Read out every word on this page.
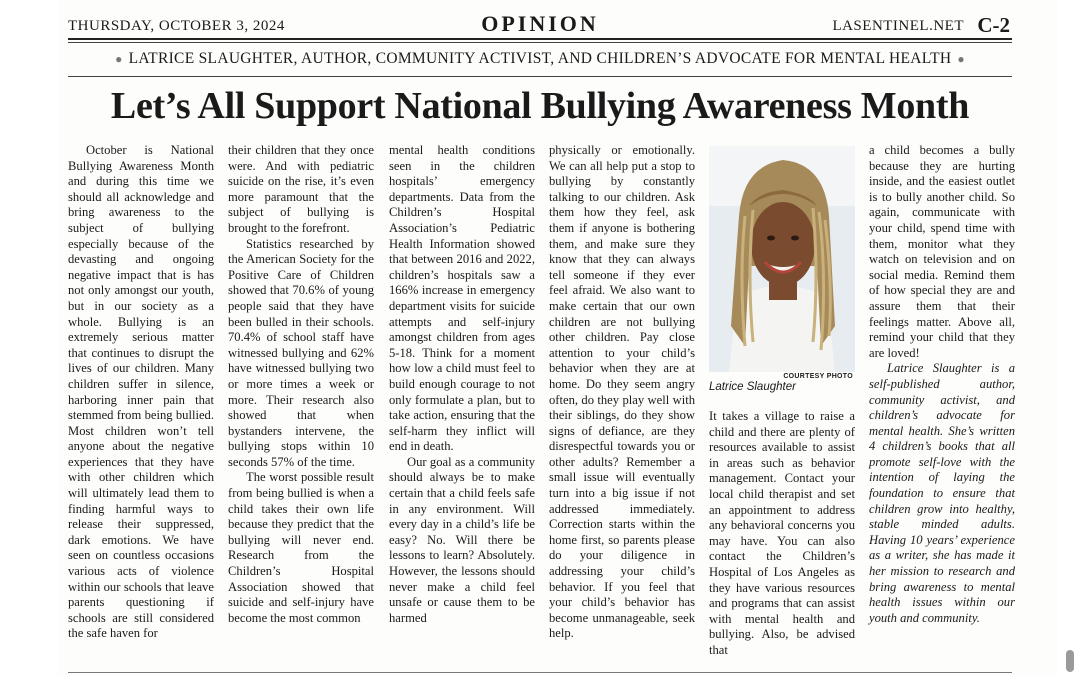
THURSDAY, OCTOBER 3, 2024	OPINION	LASENTINEL.NET C-2
● LATRICE SLAUGHTER, AUTHOR, COMMUNITY ACTIVIST, AND CHILDREN’S ADVOCATE FOR MENTAL HEALTH ●
Let’s All Support National Bullying Awareness Month

October is National Bullying Awareness Month and during this time we should all acknowledge and bring awareness to the subject of bullying especially because of the devasting and ongoing negative impact that is has not only amongst our youth, but in our society as a whole. Bullying is an extremely serious matter that continues to disrupt the lives of our children. Many children suffer in silence, harboring inner pain that stemmed from being bullied. Most children won’t tell anyone about the negative experiences that they have with other children which will ultimately lead them to finding harmful ways to release their suppressed, dark emotions. We have seen on countless occasions various acts of violence within our schools that leave parents questioning if schools are still considered the safe haven for

their children that they once were. And with pediatric suicide on the rise, it’s even more paramount that the subject of bullying is brought to the forefront.

Statistics researched by the American Society for the Positive Care of Children showed that 70.6% of young people said that they have been bulled in their schools. 70.4% of school staff have witnessed bullying and 62% have witnessed bullying two or more times a week or more. Their research also showed that when bystanders intervene, the bullying stops within 10 seconds 57% of the time.

The worst possible result from being bullied is when a child takes their own life because they predict that the bullying will never end. Research from the Children’s Hospital Association showed that suicide and self-injury have become the most common

mental health conditions seen in the children hospitals’ emergency departments. Data from the Children’s Hospital Association’s Pediatric Health Information showed that between 2016 and 2022, children’s hospitals saw a 166% increase in emergency department visits for suicide attempts and self-injury amongst children from ages 5-18. Think for a moment how low a child must feel to build enough courage to not only formulate a plan, but to take action, ensuring that the self-harm they inflict will end in death.

Our goal as a community should always be to make certain that a child feels safe in any environment. Will every day in a child’s life be easy? No. Will there be lessons to learn? Absolutely. However, the lessons should never make a child feel unsafe or cause them to be harmed

physically or emotionally. We can all help put a stop to bullying by constantly talking to our children. Ask them how they feel, ask them if anyone is bothering them, and make sure they know that they can always tell someone if they ever feel afraid. We also want to make certain that our own children are not bullying other children. Pay close attention to your child’s behavior when they are at home. Do they seem angry often, do they play well with their siblings, do they show signs of defiance, are they disrespectful towards you or other adults? Remember a small issue will eventually turn into a big issue if not addressed immediately. Correction starts within the home first, so parents please do your diligence in addressing your child’s behavior. If you feel that your child’s behavior has become unmanageable, seek help.

COURTESY PHOTO
Latrice Slaughter

It takes a village to raise a child and there are plenty of resources available to assist in areas such as behavior management. Contact your local child therapist and set an appointment to address any behavioral concerns you may have. You can also contact the Children’s Hospital of Los Angeles as they have various resources and programs that can assist with mental health and bullying. Also, be advised that

a child becomes a bully because they are hurting inside, and the easiest outlet is to bully another child. So again, communicate with your child, spend time with them, monitor what they watch on television and on social media. Remind them of how special they are and assure them that their feelings matter. Above all, remind your child that they are loved!

Latrice Slaughter is a self-published author, community activist, and children’s advocate for mental health. She’s written 4 children’s books that all promote self-love with the intention of laying the foundation to ensure that children grow into healthy, stable minded adults. Having 10 years’ experience as a writer, she has made it her mission to research and bring awareness to mental health issues within our youth and community.
